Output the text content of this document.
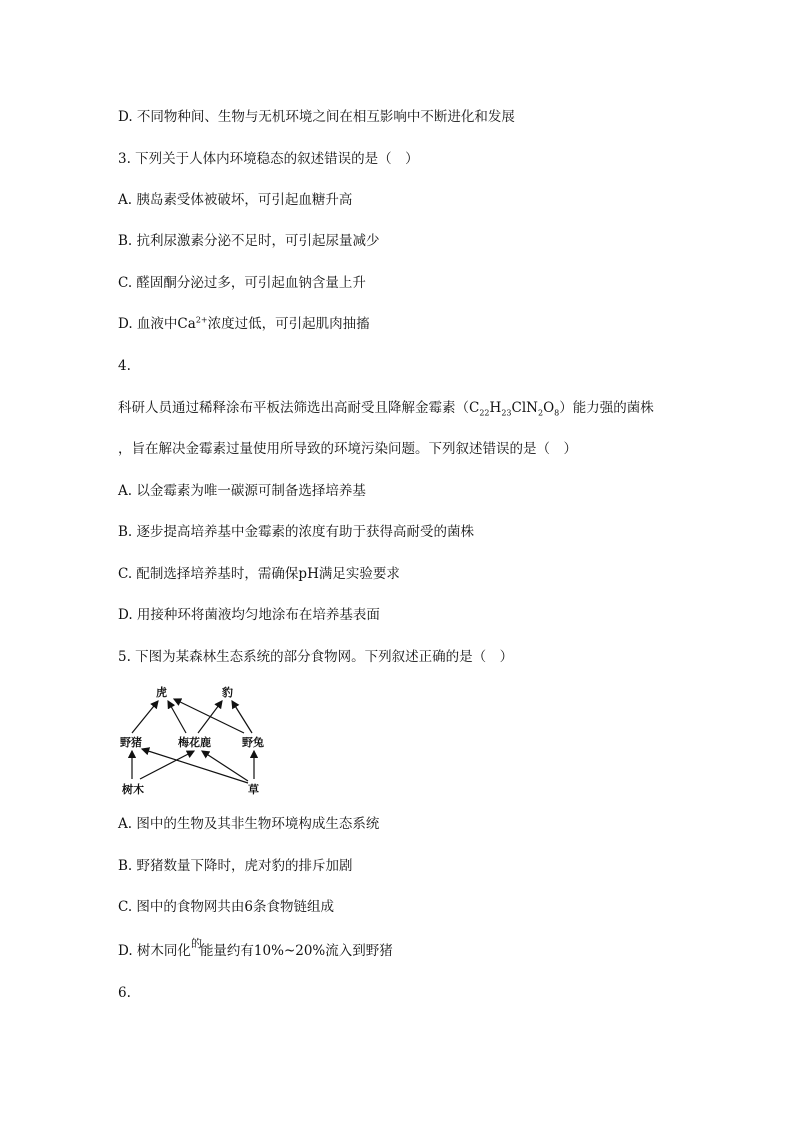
D. 不同物种间、生物与无机环境之间在相互影响中不断进化和发展
3. 下列关于人体内环境稳态的叙述错误的是（　）
A. 胰岛素受体被破坏，可引起血糖升高
B. 抗利尿激素分泌不足时，可引起尿量减少
C. 醛固酮分泌过多，可引起血钠含量上升
D. 血液中$Ca^{2+}$浓度过低，可引起肌肉抽搐
4.
科研人员通过稀释涂布平板法筛选出高耐受且降解金霉素$(C_{22}H_{23}ClN_2O_8)$能力强的菌株
，旨在解决金霉素过量使用所导致的环境污染问题。下列叙述错误的是（　）
A. 以金霉素为唯一碳源可制备选择培养基
B. 逐步提高培养基中金霉素的浓度有助于获得高耐受的菌株
C. 配制选择培养基时，需确保pH满足实验要求
D. 用接种环将菌液均匀地涂布在培养基表面
5. 下图为某森林生态系统的部分食物网。下列叙述正确的是（　）
虎	豹
野猪	梅花鹿	野兔
树木	草
A. 图中的生物及其非生物环境构成生态系统
B. 野猪数量下降时，虎对豹的排斥加剧
C. 图中的食物网共由6条食物链组成
D. 树木同化$^的$能量约有10%~20%流入到野猪
6.
